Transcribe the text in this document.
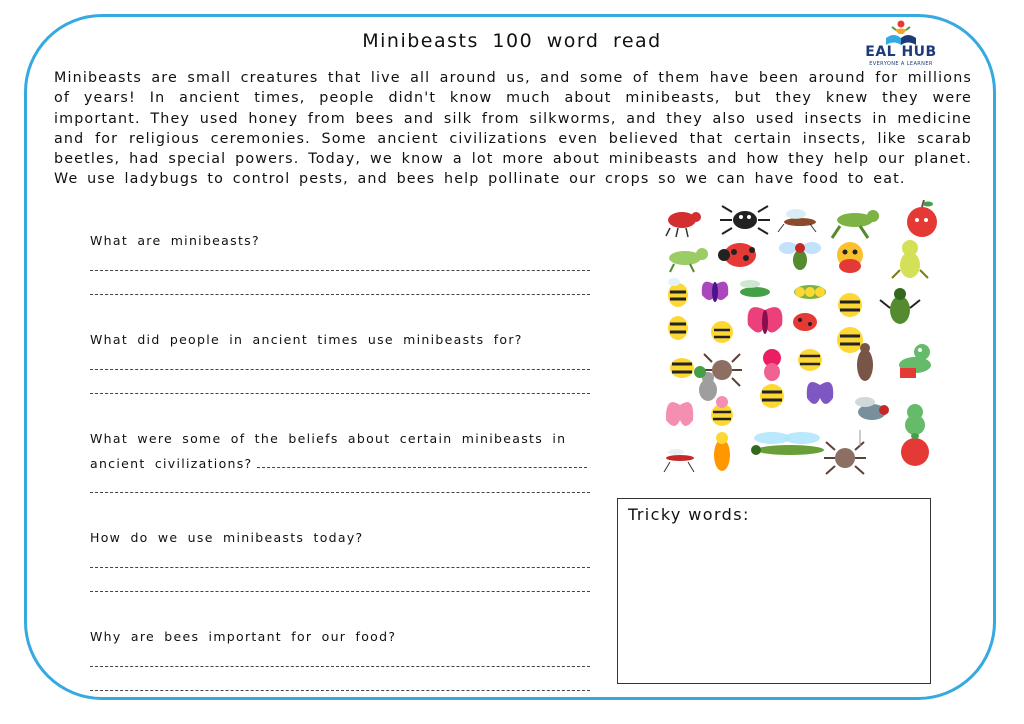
Minibeasts 100 word read	EAL HUB
EVERYONE A LEARNER
Minibeasts are small creatures that live all around us, and some of them have been around for millions of years! In ancient times, people didn't know much about minibeasts, but they knew they were important. They used honey from bees and silk from silkworms, and they also used insects in medicine and for religious ceremonies. Some ancient civilizations even believed that certain insects, like scarab beetles, had special powers. Today, we know a lot more about minibeasts and how they help our planet. We use ladybugs to control pests, and bees help pollinate our crops so we can have food to eat.
What are minibeasts?
What did people in ancient times use minibeasts for?
What were some of the beliefs about certain minibeasts in
ancient civilizations?
How do we use minibeasts today?
Why are bees important for our food?
Tricky words:
